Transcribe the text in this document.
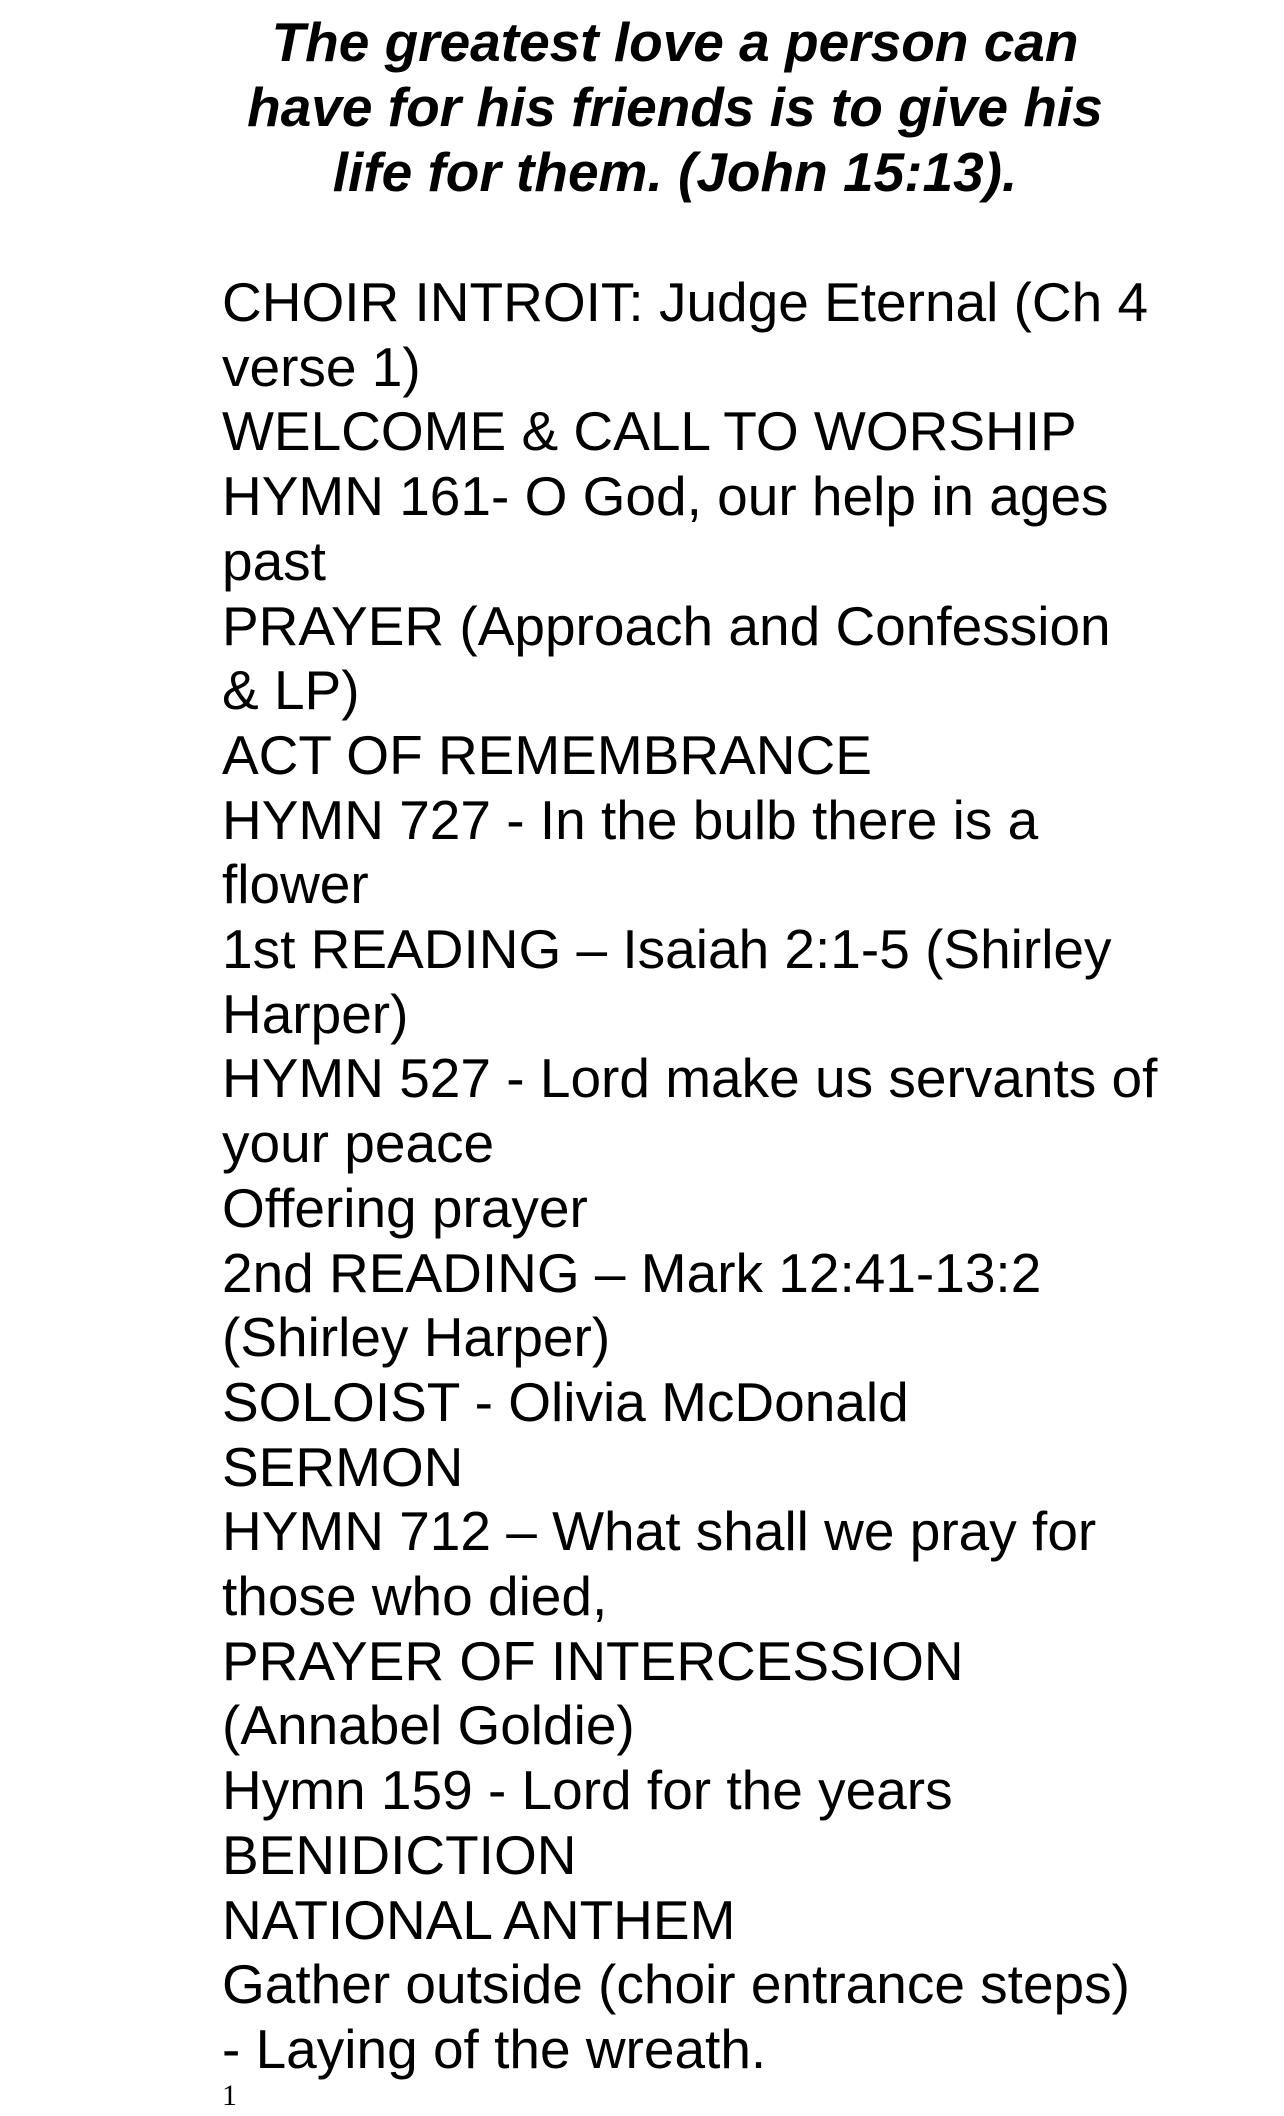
The greatest love a person can have for his friends is to give his life for them. (John 15:13).
CHOIR INTROIT: Judge Eternal (Ch 4 verse 1)
WELCOME & CALL TO WORSHIP
HYMN 161- O God, our help in ages past
PRAYER (Approach and Confession & LP)
ACT OF REMEMBRANCE
HYMN 727 - In the bulb there is a flower
1st READING – Isaiah 2:1-5 (Shirley Harper)
HYMN 527 - Lord make us servants of your peace
Offering prayer
2nd READING – Mark 12:41-13:2 (Shirley Harper)
SOLOIST - Olivia McDonald
SERMON
HYMN 712 – What shall we pray for those who died,
PRAYER OF INTERCESSION (Annabel Goldie)
Hymn 159 - Lord for the years
BENIDICTION
NATIONAL ANTHEM
Gather outside (choir entrance steps) - Laying of the wreath.
1
